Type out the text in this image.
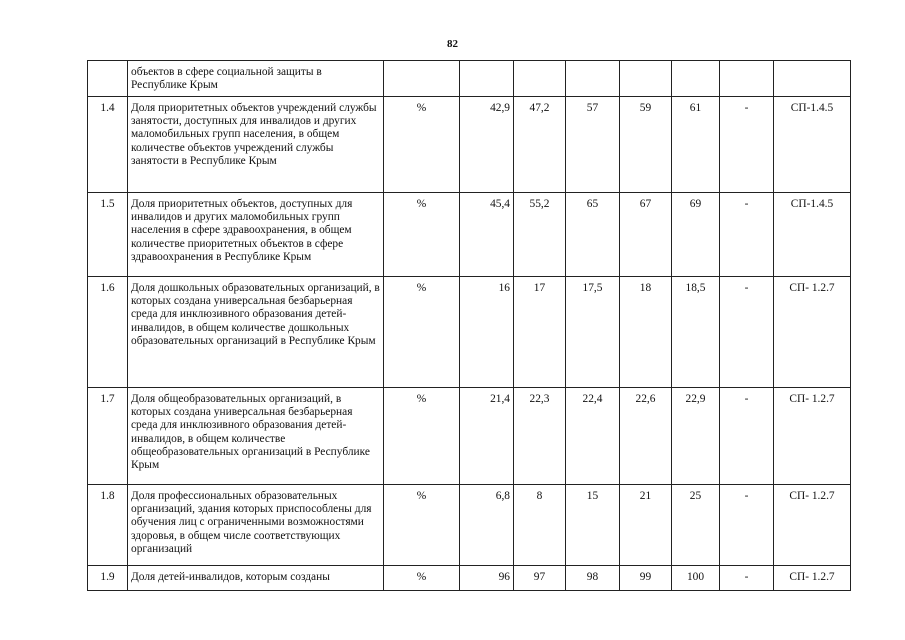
82
	объектов в сфере социальной защиты в Республике Крым								
1.4	Доля приоритетных объектов учреждений службы занятости, доступных для инвалидов и других маломобильных групп населения, в общем количестве объектов учреждений службы занятости в Республике Крым	%	42,9	47,2	57	59	61	-	СП-1.4.5
1.5	Доля приоритетных объектов, доступных для инвалидов и других маломобильных групп населения в сфере здравоохранения, в общем количестве приоритетных объектов в сфере здравоохранения в Республике Крым	%	45,4	55,2	65	67	69	-	СП-1.4.5
1.6	Доля дошкольных образовательных организаций, в которых создана универсальная безбарьерная среда для инклюзивного образования детей-инвалидов, в общем количестве дошкольных образовательных организаций в Республике Крым	%	16	17	17,5	18	18,5	-	СП- 1.2.7
1.7	Доля общеобразовательных организаций, в которых создана универсальная безбарьерная среда для инклюзивного образования детей-инвалидов, в общем количестве общеобразовательных организаций в Республике Крым	%	21,4	22,3	22,4	22,6	22,9	-	СП- 1.2.7
1.8	Доля профессиональных образовательных организаций, здания которых приспособлены для обучения лиц с ограниченными возможностями здоровья, в общем числе соответствующих организаций	%	6,8	8	15	21	25	-	СП- 1.2.7
1.9	Доля детей-инвалидов, которым созданы	%	96	97	98	99	100	-	СП- 1.2.7
